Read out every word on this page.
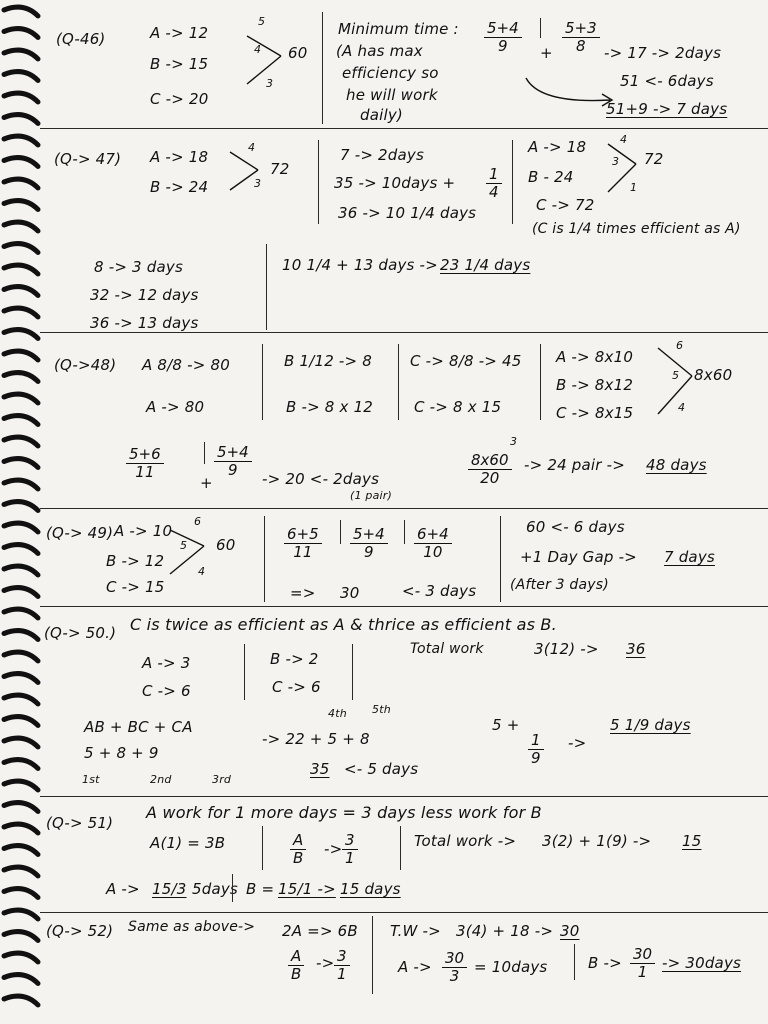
(Q-46)	A -> 12
B -> 15
C -> 20
5
4
3
60
Minimum time :
(A has max
efficiency so
he will work
daily)
$\frac{5+4}{9} + \frac{5+3}{8} -> 17$ -> 2days
51 <- 6days
51+9 -> 7 days
(Q-> 47) A -> 18
B -> 24
4
3
72
7 -> 2days
35 -> 10days + $\frac{1}{4}$
36 -> 10 1/4 days
A -> 18
B - 24
C -> 72
4
3
1
72
(C is 1/4 times efficient as A)
8 -> 3 days
32 -> 12 days
36 -> 13 days
10 1/4 + 13 days -> 23 1/4 days
(Q->48) A 8/8 -> 80
A -> 80
B 1/12 -> 8
B -> 8 x 12
C -> 8/8 -> 45
C -> 8 x 15
A -> 8x10
B -> 8x12
C -> 8x15
6
5
4
8x60
$\frac{5+6}{11}$
+
$\frac{5+4}{9} -> 20$ <- 2days
(1 pair)
3
$\frac{8x60}{20} -> 24$ pair -> 48 days
(Q-> 49) A -> 10
B -> 12
C -> 15
6
5
4
60	$\frac{6+5}{11} \frac{5+4}{9} \frac{6+4}{10}$
=> 30	<- 3 days
60 <- 6 days
+1 Day Gap -> 7 days
(After 3 days)
(Q-> 50.) C is twice as efficient as A & thrice as efficient as B.
A -> 3
C -> 6
B -> 2
C -> 6
Total work	3(12) -> 36
AB + BC + CA
5 + 8 + 9
1st	2nd	3rd
4th 5th
-> 22 + 5 + 8
35 <- 5 days
5 +
$\frac{1}{9}$ ->
5 1/9 days
(Q-> 51)
A work for 1 more days = 3 days less work for B
A(1) = 3B	$\frac{A}{B} -> \frac{3}{1}$	Total work -> 3(2) + 1(9) -> 15
A -> 15/3 5days B = 15/1 -> 15 days
(Q-> 52) Same as above-> 2A => 6B
$\frac{A}{B} -> \frac{3}{1}$
T.W -> 3(4) + 18 -> 30
$A -> \frac{30}{3}$ = 10days	$B -> \frac{30}{1}$ -> 30days
